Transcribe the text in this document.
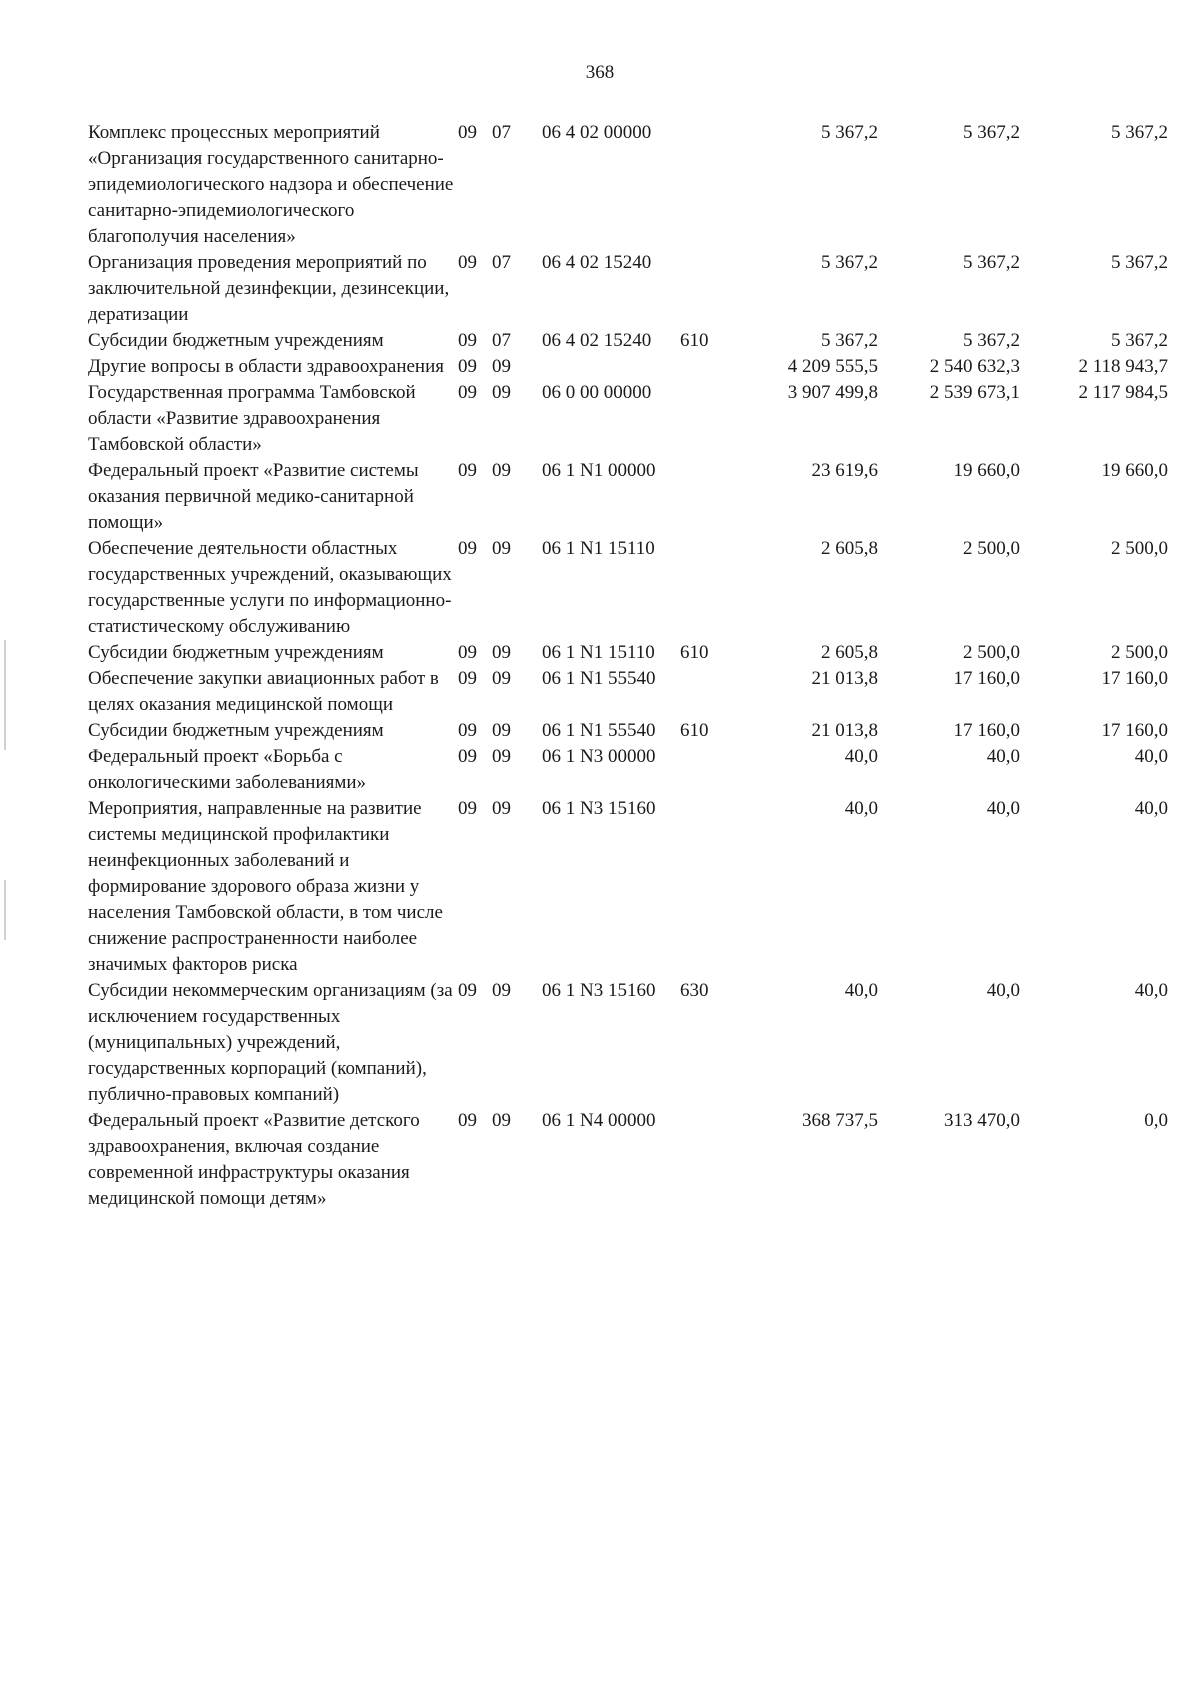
368
Комплекс процессных мероприятий «Организация государственного санитарно-эпидемиологического надзора и обеспечение санитарно-эпидемиологического благополучия населения»	09	07	06 4 02 00000		5 367,2	5 367,2	5 367,2
Организация проведения мероприятий по заключительной дезинфекции, дезинсекции, дератизации	09	07	06 4 02 15240		5 367,2	5 367,2	5 367,2
Субсидии бюджетным учреждениям	09	07	06 4 02 15240	610	5 367,2	5 367,2	5 367,2
Другие вопросы в области здравоохранения	09	09			4 209 555,5	2 540 632,3	2 118 943,7
Государственная программа Тамбовской области «Развитие здравоохранения Тамбовской области»	09	09	06 0 00 00000		3 907 499,8	2 539 673,1	2 117 984,5
Федеральный проект «Развитие системы оказания первичной медико-санитарной помощи»	09	09	06 1 N1 00000		23 619,6	19 660,0	19 660,0
Обеспечение деятельности областных государственных учреждений, оказывающих государственные услуги по информационно-статистическому обслуживанию	09	09	06 1 N1 15110		2 605,8	2 500,0	2 500,0
Субсидии бюджетным учреждениям	09	09	06 1 N1 15110	610	2 605,8	2 500,0	2 500,0
Обеспечение закупки авиационных работ в целях оказания медицинской помощи	09	09	06 1 N1 55540		21 013,8	17 160,0	17 160,0
Субсидии бюджетным учреждениям	09	09	06 1 N1 55540	610	21 013,8	17 160,0	17 160,0
Федеральный проект «Борьба с онкологическими заболеваниями»	09	09	06 1 N3 00000		40,0	40,0	40,0
Мероприятия, направленные на развитие системы медицинской профилактики неинфекционных заболеваний и формирование здорового образа жизни у населения Тамбовской области, в том числе снижение распространенности наиболее значимых факторов риска	09	09	06 1 N3 15160		40,0	40,0	40,0
Субсидии некоммерческим организациям (за исключением государственных (муниципальных) учреждений, государственных корпораций (компаний), публично-правовых компаний)	09	09	06 1 N3 15160	630	40,0	40,0	40,0
Федеральный проект «Развитие детского здравоохранения, включая создание современной инфраструктуры оказания медицинской помощи детям»	09	09	06 1 N4 00000		368 737,5	313 470,0	0,0
